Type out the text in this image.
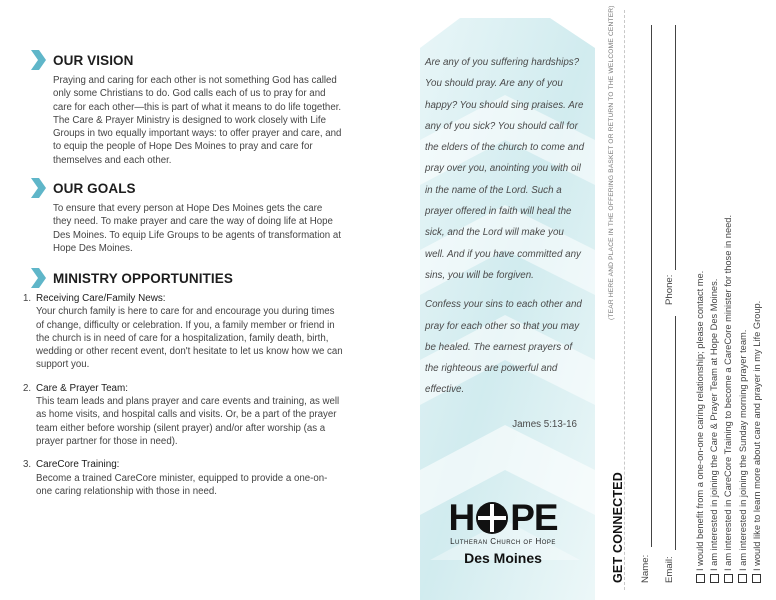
OUR VISION

Praying and caring for each other is not something God has called only some Christians to do. God calls each of us to pray for and care for each other—this is part of what it means to do life together. The Care & Prayer Ministry is designed to work closely with Life Groups in two equally important ways: to offer prayer and care, and to equip the people of Hope Des Moines to pray and care for themselves and each other.

OUR GOALS

To ensure that every person at Hope Des Moines gets the care they need. To make prayer and care the way of doing life at Hope Des Moines. To equip Life Groups to be agents of transformation at Hope Des Moines.

MINISTRY OPPORTUNITIES
1. Receiving Care/Family News:
Your church family is here to care for and encourage you during times of change, difficulty or celebration. If you, a family member or friend in the church is in need of care for a hospitalization, family death, birth, wedding or other recent event, don't hesitate to let us know how we can support you.
2. Care & Prayer Team:
This team leads and plans prayer and care events and training, as well as home visits, and hospital calls and visits. Or, be a part of the prayer team either before worship (silent prayer) and/or after worship (as a prayer partner for those in need).
3. CareCore Training:
Become a trained CareCore minister, equipped to provide a one-on-one caring relationship with those in need.

Are any of you suffering hardships? You should pray. Are any of you happy? You should sing praises. Are any of you sick? You should call for the elders of the church to come and pray over you, anointing you with oil in the name of the Lord. Such a prayer offered in faith will heal the sick, and the Lord will make you well. And if you have committed any sins, you will be forgiven.

Confess your sins to each other and pray for each other so that you may be healed. The earnest prayers of the righteous are powerful and effective.

James 5:13-16
H PE
Lutheran Church of Hope
Des Moines
(TEAR HERE AND PLACE IN THE OFFERING BASKET OR RETURN TO THE WELCOME CENTER)
GET CONNECTED Name: Email:
Phone: I would benefit from a one-on-one caring relationship; please contact me. I am interested in joining the Care & Prayer Team at Hope Des Moines. I am interested in CareCore Training to become a CareCore minister for those in need. I am interested in joining the Sunday morning prayer team. I would like to learn more about care and prayer in my Life Group.
